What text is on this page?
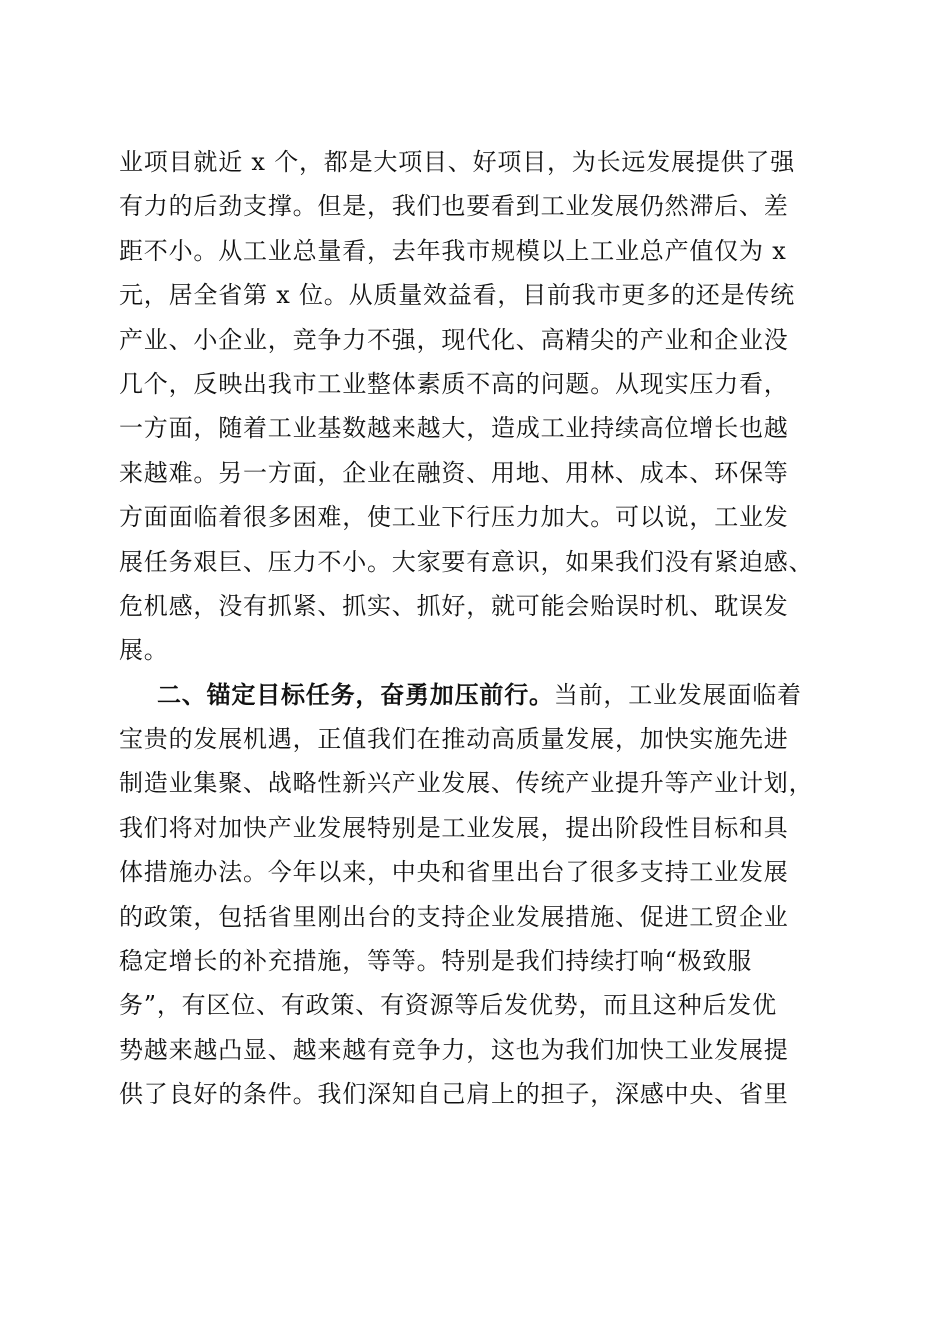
业项目就近 x 个，都是大项目、好项目，为长远发展提供了强
有力的后劲支撑。但是，我们也要看到工业发展仍然滞后、差
距不小。从工业总量看，去年我市规模以上工业总产值仅为 x
元，居全省第 x 位。从质量效益看，目前我市更多的还是传统
产业、小企业，竞争力不强，现代化、高精尖的产业和企业没
几个，反映出我市工业整体素质不高的问题。从现实压力看，
一方面，随着工业基数越来越大，造成工业持续高位增长也越
来越难。另一方面，企业在融资、用地、用林、成本、环保等
方面面临着很多困难，使工业下行压力加大。可以说，工业发
展任务艰巨、压力不小。大家要有意识，如果我们没有紧迫感、
危机感，没有抓紧、抓实、抓好，就可能会贻误时机、耽误发
展。
二、锚定目标任务，奋勇加压前行。当前，工业发展面临着
宝贵的发展机遇，正值我们在推动高质量发展，加快实施先进
制造业集聚、战略性新兴产业发展、传统产业提升等产业计划，
我们将对加快产业发展特别是工业发展，提出阶段性目标和具
体措施办法。今年以来，中央和省里出台了很多支持工业发展
的政策，包括省里刚出台的支持企业发展措施、促进工贸企业
稳定增长的补充措施，等等。特别是我们持续打响“极致服
务”，有区位、有政策、有资源等后发优势，而且这种后发优
势越来越凸显、越来越有竞争力，这也为我们加快工业发展提
供了良好的条件。我们深知自己肩上的担子，深感中央、省里
